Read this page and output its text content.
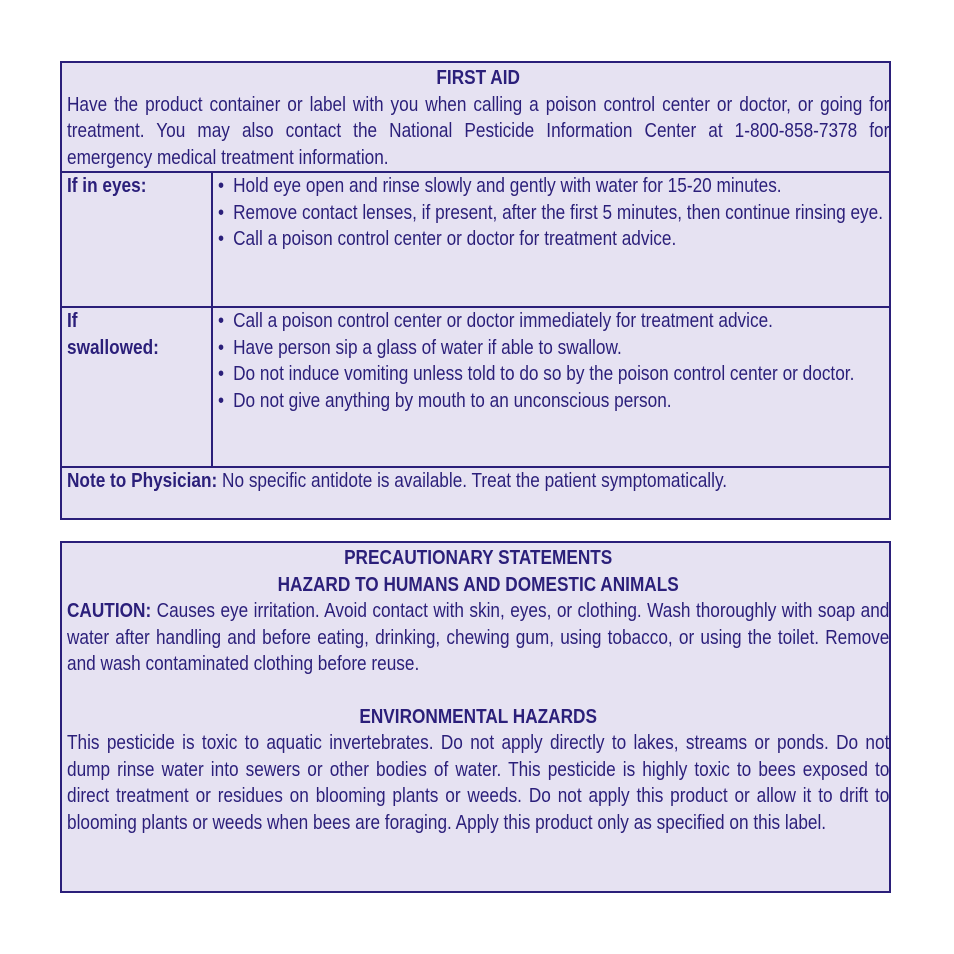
FIRST AID
Have the product container or label with you when calling a poison control center or doctor, or going for treatment. You may also contact the National Pesticide Information Center at 1-800-858-7378 for emergency medical treatment information.
If in eyes:	• Hold eye open and rinse slowly and gently with water for 15-20 minutes.
• Remove contact lenses, if present, after the first 5 minutes, then continue rinsing eye.
• Call a poison control center or doctor for treatment advice.
If
swallowed:
• Call a poison control center or doctor immediately for treatment advice.
• Have person sip a glass of water if able to swallow.
• Do not induce vomiting unless told to do so by the poison control center or doctor.
• Do not give anything by mouth to an unconscious person.
Note to Physician: No specific antidote is available. Treat the patient symptomatically.
PRECAUTIONARY STATEMENTS
HAZARD TO HUMANS AND DOMESTIC ANIMALS
CAUTION: Causes eye irritation. Avoid contact with skin, eyes, or clothing. Wash thoroughly with soap and water after handling and before eating, drinking, chewing gum, using tobacco, or using the toilet. Remove and wash contaminated clothing before reuse.
ENVIRONMENTAL HAZARDS
This pesticide is toxic to aquatic invertebrates. Do not apply directly to lakes, streams or ponds. Do not dump rinse water into sewers or other bodies of water. This pesticide is highly toxic to bees exposed to direct treatment or residues on blooming plants or weeds. Do not apply this product or allow it to drift to blooming plants or weeds when bees are foraging. Apply this product only as specified on this label.
